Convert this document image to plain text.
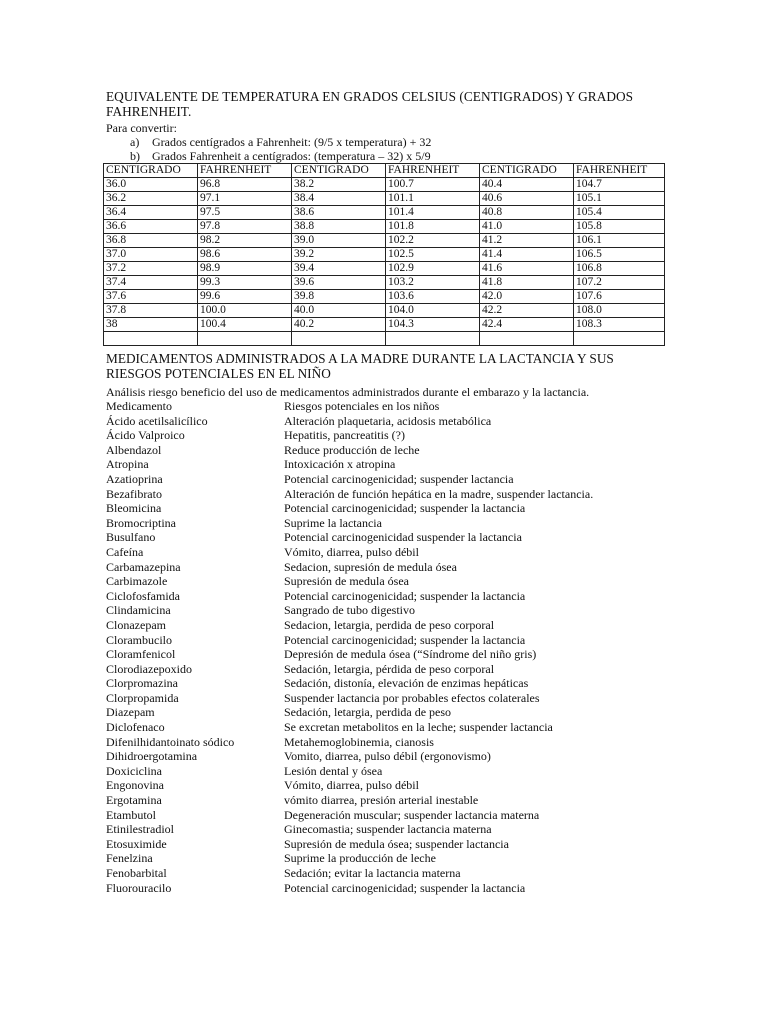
EQUIVALENTE DE TEMPERATURA EN GRADOS CELSIUS (CENTIGRADOS) Y GRADOS FAHRENHEIT.
Para convertir:
a) Grados centígrados a Fahrenheit: (9/5 x temperatura) + 32
b) Grados Fahrenheit a centígrados: (temperatura – 32) x 5/9
CENTIGRADO	FAHRENHEIT	CENTIGRADO	FAHRENHEIT	CENTIGRADO	FAHRENHEIT
36.0	96.8	38.2	100.7	40.4	104.7
36.2	97.1	38.4	101.1	40.6	105.1
36.4	97.5	38.6	101.4	40.8	105.4
36.6	97.8	38.8	101.8	41.0	105.8
36.8	98.2	39.0	102.2	41.2	106.1
37.0	98.6	39.2	102.5	41.4	106.5
37.2	98.9	39.4	102.9	41.6	106.8
37.4	99.3	39.6	103.2	41.8	107.2
37.6	99.6	39.8	103.6	42.0	107.6
37.8	100.0	40.0	104.0	42.2	108.0
38	100.4	40.2	104.3	42.4	108.3

MEDICAMENTOS ADMINISTRADOS A LA MADRE DURANTE LA LACTANCIA Y SUS RIESGOS POTENCIALES EN EL NIÑO
Análisis riesgo beneficio del uso de medicamentos administrados durante el embarazo y la lactancia.
Medicamento	Riesgos potenciales en los niños
Ácido acetilsalicílico	Alteración plaquetaria, acidosis metabólica
Ácido Valproico	Hepatitis, pancreatitis (?)
Albendazol	Reduce producción de leche
Atropina	Intoxicación x atropina
Azatioprina	Potencial carcinogenicidad; suspender lactancia
Bezafibrato	Alteración de función hepática en la madre, suspender lactancia.
Bleomicina	Potencial carcinogenicidad; suspender la lactancia
Bromocriptina	Suprime la lactancia
Busulfano	Potencial carcinogenicidad suspender la lactancia
Cafeína	Vómito, diarrea, pulso débil
Carbamazepina	Sedacion, supresión de medula ósea
Carbimazole	Supresión de medula ósea
Ciclofosfamida	Potencial carcinogenicidad; suspender la lactancia
Clindamicina	Sangrado de tubo digestivo
Clonazepam	Sedacion, letargia, perdida de peso corporal
Clorambucilo	Potencial carcinogenicidad; suspender la lactancia
Cloramfenicol	Depresión de medula ósea (“Síndrome del niño gris)
Clorodiazepoxido	Sedación, letargia, pérdida de peso corporal
Clorpromazina	Sedación, distonía, elevación de enzimas hepáticas
Clorpropamida	Suspender lactancia por probables efectos colaterales
Diazepam	Sedación, letargia, perdida de peso
Diclofenaco	Se excretan metabolitos en la leche; suspender lactancia
Difenilhidantoinato sódico	Metahemoglobinemia, cianosis
Dihidroergotamina	Vomito, diarrea, pulso débil (ergonovismo)
Doxiciclina	Lesión dental y ósea
Engonovina	Vómito, diarrea, pulso débil
Ergotamina	vómito diarrea, presión arterial inestable
Etambutol	Degeneración muscular; suspender lactancia materna
Etinilestradiol	Ginecomastia; suspender lactancia materna
Etosuximide	Supresión de medula ósea; suspender lactancia
Fenelzina	Suprime la producción de leche
Fenobarbital	Sedación; evitar la lactancia materna
Fluorouracilo	Potencial carcinogenicidad; suspender la lactancia
